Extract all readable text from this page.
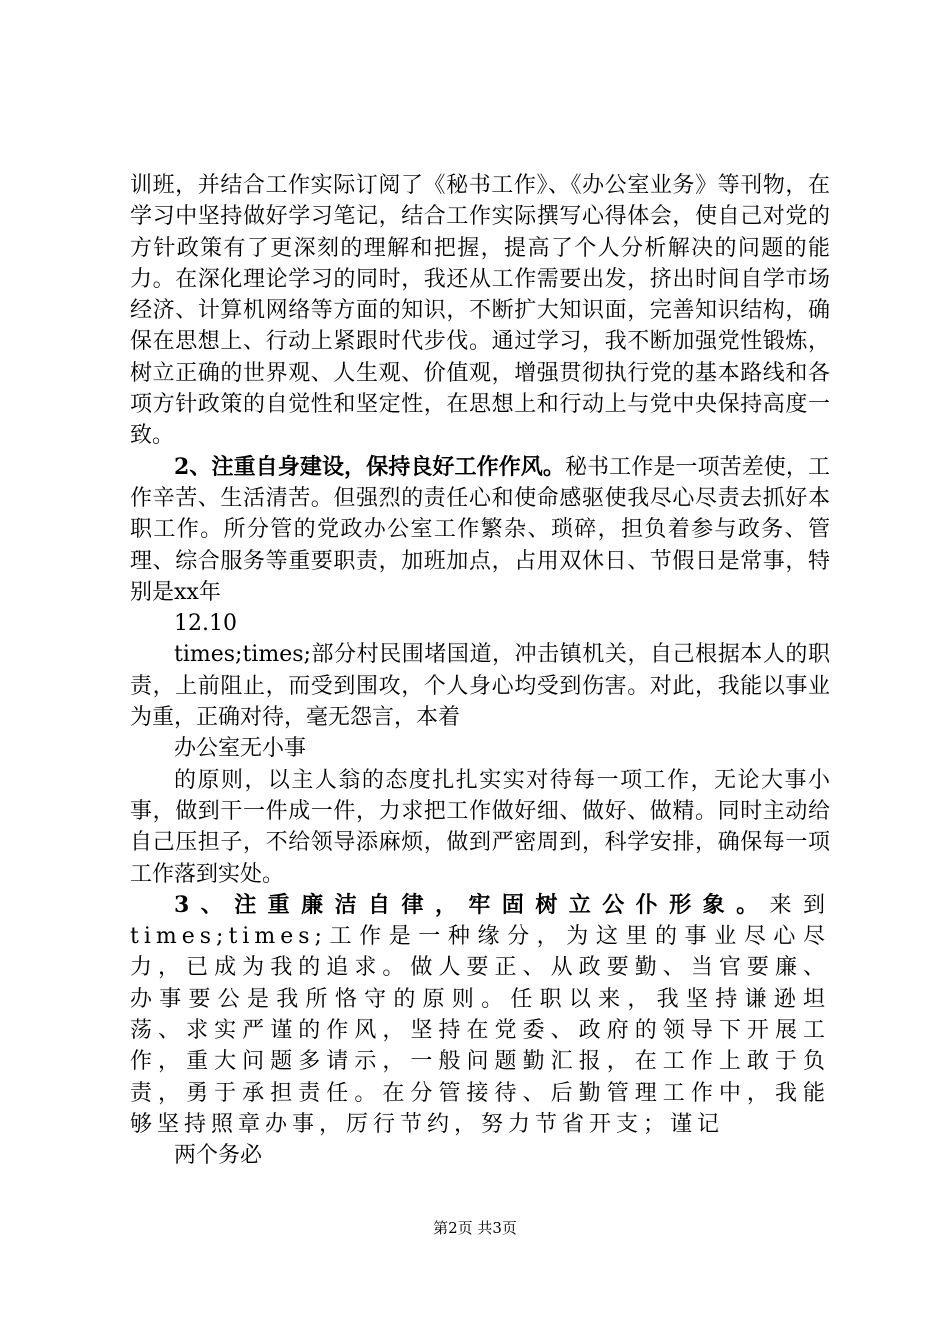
训班，并结合工作实际订阅了《秘书工作》、《办公室业务》等刊物，在学习中坚持做好学习笔记，结合工作实际撰写心得体会，使自己对党的方针政策有了更深刻的理解和把握，提高了个人分析解决的问题的能力。在深化理论学习的同时，我还从工作需要出发，挤出时间自学市场经济、计算机网络等方面的知识，不断扩大知识面，完善知识结构，确保在思想上、行动上紧跟时代步伐。通过学习，我不断加强党性锻炼，树立正确的世界观、人生观、价值观，增强贯彻执行党的基本路线和各项方针政策的自觉性和坚定性，在思想上和行动上与党中央保持高度一致。

2、注重自身建设，保持良好工作作风。秘书工作是一项苦差使，工作辛苦、生活清苦。但强烈的责任心和使命感驱使我尽心尽责去抓好本职工作。所分管的党政办公室工作繁杂、琐碎，担负着参与政务、管理、综合服务等重要职责，加班加点，占用双休日、节假日是常事，特别是xx年

12.10

times;times;部分村民围堵国道，冲击镇机关，自己根据本人的职责，上前阻止，而受到围攻，个人身心均受到伤害。对此，我能以事业为重，正确对待，毫无怨言，本着

办公室无小事

的原则，以主人翁的态度扎扎实实对待每一项工作，无论大事小事，做到干一件成一件，力求把工作做好细、做好、做精。同时主动给自己压担子，不给领导添麻烦，做到严密周到，科学安排，确保每一项工作落到实处。

3、注重廉洁自律，牢固树立公仆形象。来到times;times;工作是一种缘分，为这里的事业尽心尽力，已成为我的追求。做人要正、从政要勤、当官要廉、办事要公是我所恪守的原则。任职以来，我坚持谦逊坦荡、求实严谨的作风，坚持在党委、政府的领导下开展工作，重大问题多请示，一般问题勤汇报，在工作上敢于负责，勇于承担责任。在分管接待、后勤管理工作中，我能够坚持照章办事，厉行节约，努力节省开支；谨记

两个务必

第2页 共3页
